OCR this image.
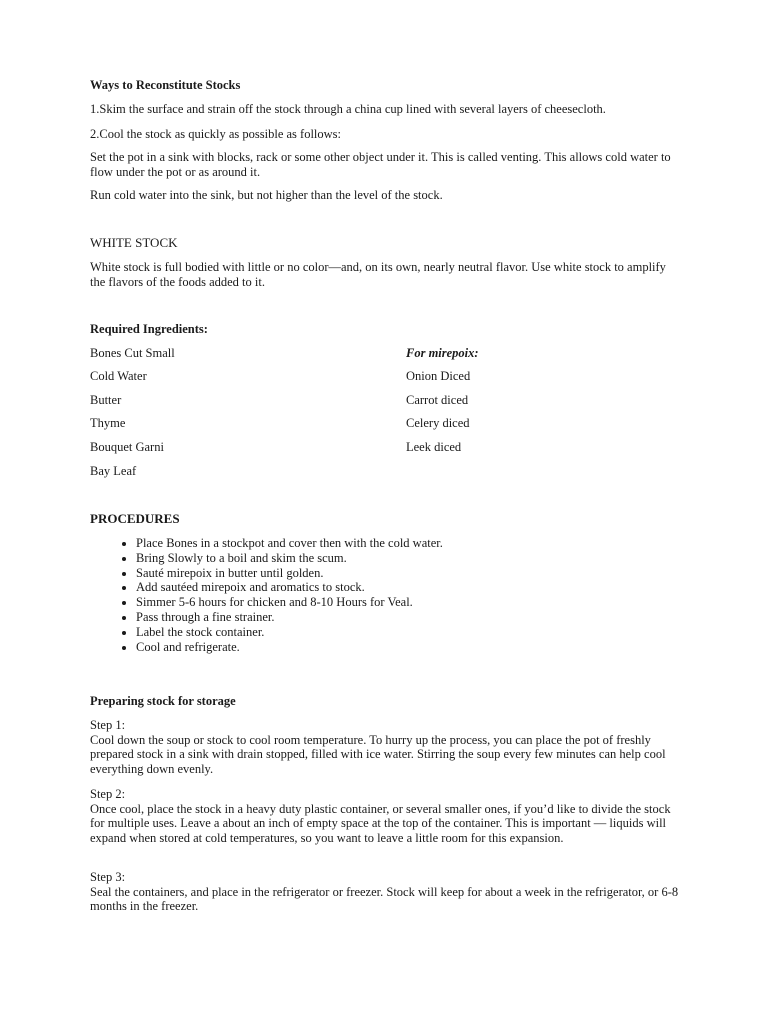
Ways to Reconstitute Stocks
1.Skim the surface and strain off the stock through a china cup lined with several layers of cheesecloth.
2.Cool the stock as quickly as possible as follows:
Set the pot in a sink with blocks, rack or some other object under it. This is called venting. This allows cold water to flow under the pot or as around it.
Run cold water into the sink, but not higher than the level of the stock.
WHITE STOCK
White stock is full bodied with little or no color—and, on its own, nearly neutral flavor. Use white stock to amplify the flavors of the foods added to it.
Required Ingredients:
Bones Cut Small
Cold Water
Butter
Thyme
Bouquet Garni
Bay Leaf
For mirepoix:
Onion Diced
Carrot diced
Celery diced
Leek diced
PROCEDURES
• Place Bones in a stockpot and cover then with the cold water.
• Bring Slowly to a boil and skim the scum.
• Sauté mirepoix in butter until golden.
• Add sautéed mirepoix and aromatics to stock.
• Simmer 5-6 hours for chicken and 8-10 Hours for Veal.
• Pass through a fine strainer.
• Label the stock container.
• Cool and refrigerate.
Preparing stock for storage
Step 1:
Cool down the soup or stock to cool room temperature. To hurry up the process, you can place the pot of freshly prepared stock in a sink with drain stopped, filled with ice water. Stirring the soup every few minutes can help cool everything down evenly.
Step 2:
Once cool, place the stock in a heavy duty plastic container, or several smaller ones, if you’d like to divide the stock for multiple uses. Leave a about an inch of empty space at the top of the container. This is important — liquids will expand when stored at cold temperatures, so you want to leave a little room for this expansion.
Step 3:
Seal the containers, and place in the refrigerator or freezer. Stock will keep for about a week in the refrigerator, or 6-8 months in the freezer.
